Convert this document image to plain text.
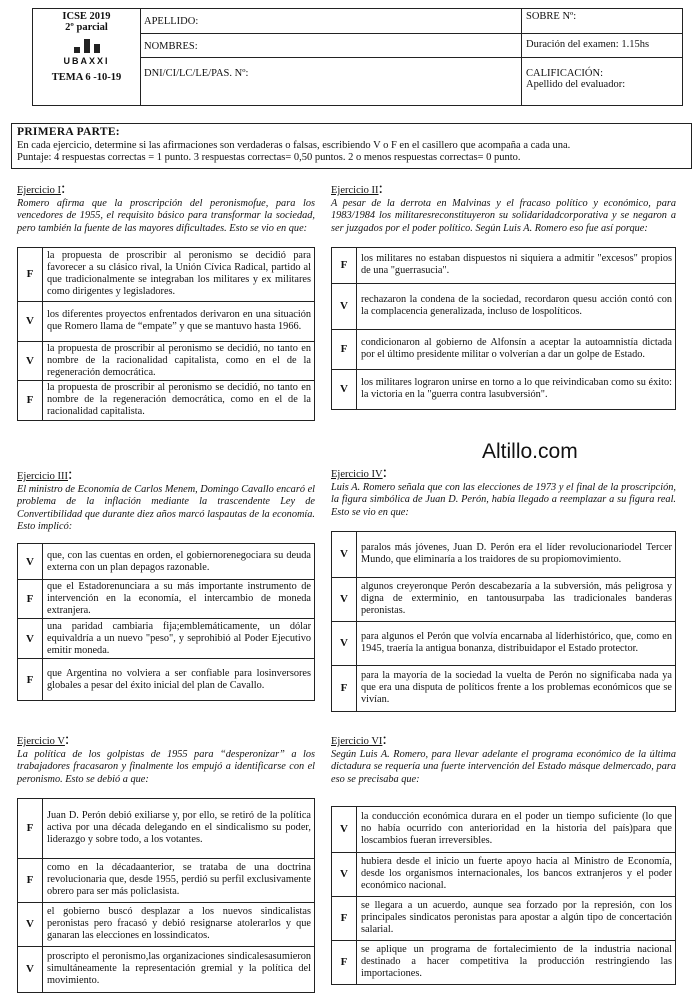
ICSE 2019
2º parcial
UBAXXI
TEMA 6 -10-19	APELLIDO:	SOBRE Nº:
	NOMBRES:	Duración del examen: 1.15hs
	DNI/CI/LC/LE/PAS. Nº:	CALIFICACIÓN:
Apellido del evaluador:
PRIMERA PARTE:
En cada ejercicio, determine si las afirmaciones son verdaderas o falsas, escribiendo V o F en el casillero que acompaña a cada una.
Puntaje: 4 respuestas correctas = 1 punto. 3 respuestas correctas= 0,50 puntos. 2 o menos respuestas correctas= 0 punto.
Altillo.com
Ejercicio I:

Romero afirma que la proscripción del peronismofue, para los vencedores de 1955, el requisito básico para transformar la sociedad, pero también la fuente de las mayores dificultades. Esto se vio en que:
F	la propuesta de proscribir al peronismo se decidió para favorecer a su clásico rival, la Unión Cívica Radical, partido al que tradicionalmente se integraban los militares y ex militares como dirigentes y legisladores.
V	los diferentes proyectos enfrentados derivaron en una situación que Romero llama de “empate” y que se mantuvo hasta 1966.
V	la propuesta de proscribir al peronismo se decidió, no tanto en nombre de la racionalidad capitalista, como en el de la regeneración democrática.
F	la propuesta de proscribir al peronismo se decidió, no tanto en nombre de la regeneración democrática, como en el de la racionalidad capitalista.
Ejercicio II:

A pesar de la derrota en Malvinas y el fracaso político y económico, para 1983/1984 los militaresreconstituyeron su solidaridadcorporativa y se negaron a ser juzgados por el poder político. Según Luis A. Romero eso fue así porque:
F	los militares no estaban dispuestos ni siquiera a admitir "excesos" propios de una "guerrasucia".
V	rechazaron la condena de la sociedad, recordaron quesu acción contó con la complacencia generalizada, incluso de lospolíticos.
F	condicionaron al gobierno de Alfonsín a aceptar la autoamnistía dictada por el último presidente militar o volverían a dar un golpe de Estado.
V	los militares lograron unirse en torno a lo que reivindicaban como su éxito: la victoria en la "guerra contra lasubversión".
Ejercicio III:

El ministro de Economía de Carlos Menem, Domingo Cavallo encaró el problema de la inflación mediante la trascendente Ley de Convertibilidad que durante diez años marcó laspautas de la economía. Esto implicó:
V	que, con las cuentas en orden, el gobiernorenegociara su deuda externa con un plan depagos razonable.
F	que el Estadorenunciara a su más importante instrumento de intervención en la economía, el intercambio de moneda extranjera.
V	una paridad cambiaria fija;emblemáticamente, un dólar equivaldría a un nuevo "peso", y seprohibió al Poder Ejecutivo emitir moneda.
F	que Argentina no volviera a ser confiable para losinversores globales a pesar del éxito inicial del plan de Cavallo.
Ejercicio IV:

Luis A. Romero señala que con las elecciones de 1973 y el final de la proscripción, la figura simbólica de Juan D. Perón, había llegado a reemplazar a su figura real. Esto se vio en que:
V	paralos más jóvenes, Juan D. Perón era el líder revolucionariodel Tercer Mundo, que eliminaría a los traidores de su propiomovimiento.
V	algunos creyeronque Perón descabezaría a la subversión, más peligrosa y digna de exterminio, en tantousurpaba las tradicionales banderas peronistas.
V	para algunos el Perón que volvía encarnaba al líderhistórico, que, como en 1945, traería la antigua bonanza, distribuidapor el Estado protector.
F	para la mayoría de la sociedad la vuelta de Perón no significaba nada ya que era una disputa de políticos frente a los problemas económicos que se vivían.
Ejercicio V:

La política de los golpistas de 1955 para “desperonizar” a los trabajadores fracasaron y finalmente los empujó a identificarse con el peronismo. Esto se debió a que:
F	Juan D. Perón debió exiliarse y, por ello, se retiró de la política activa por una década delegando en el sindicalismo su poder, liderazgo y sobre todo, a los votantes.
F	como en la décadaanterior, se trataba de una doctrina revolucionaria que, desde 1955, perdió su perfil exclusivamente obrero para ser más policlasista.
V	el gobierno buscó desplazar a los nuevos sindicalistas peronistas pero fracasó y debió resignarse atolerarlos y que ganaran las elecciones en lossindicatos.
V	proscripto el peronismo,las organizaciones sindicalesasumieron simultáneamente la representación gremial y la política del movimiento.
Ejercicio VI:

Según Luis A. Romero, para llevar adelante el programa económico de la última dictadura se requería una fuerte intervención del Estado másque delmercado, para eso se precisaba que:
V	la conducción económica durara en el poder un tiempo suficiente (lo que no había ocurrido con anterioridad en la historia del país)para que loscambios fueran irreversibles.
V	hubiera desde el inicio un fuerte apoyo hacia al Ministro de Economía, desde los organismos internacionales, los bancos extranjeros y el poder económico nacional.
F	se llegara a un acuerdo, aunque sea forzado por la represión, con los principales sindicatos peronistas para apostar a algún tipo de concertación salarial.
F	se aplique un programa de fortalecimiento de la industria nacional destinado a hacer competitiva la producción restringiendo las importaciones.
